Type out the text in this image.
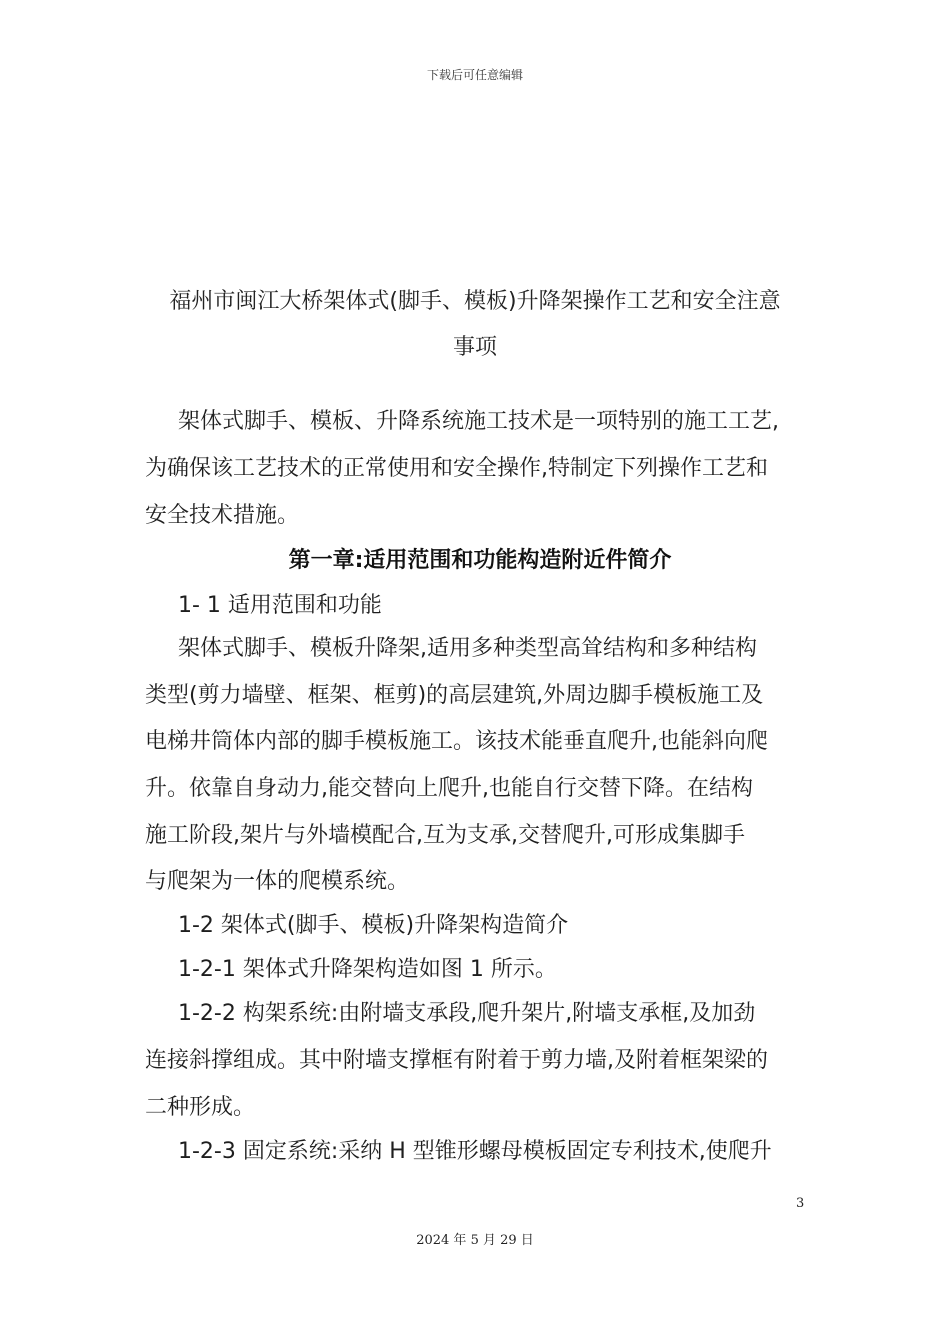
下载后可任意编辑
福州市闽江大桥架体式(脚手、模板)升降架操作工艺和安全注意
事项
架体式脚手、模板、升降系统施工技术是一项特别的施工工艺,
为确保该工艺技术的正常使用和安全操作,特制定下列操作工艺和
安全技术措施。
第一章:适用范围和功能构造附近件简介
1- 1 适用范围和功能
架体式脚手、模板升降架,适用多种类型高耸结构和多种结构
类型(剪力墙壁、框架、框剪)的高层建筑,外周边脚手模板施工及
电梯井筒体内部的脚手模板施工。该技术能垂直爬升,也能斜向爬
升。依靠自身动力,能交替向上爬升,也能自行交替下降。在结构
施工阶段,架片与外墙模配合,互为支承,交替爬升,可形成集脚手
与爬架为一体的爬模系统。
1-2 架体式(脚手、模板)升降架构造简介
1-2-1 架体式升降架构造如图 1 所示。
1-2-2 构架系统:由附墙支承段,爬升架片,附墙支承框,及加劲
连接斜撑组成。其中附墙支撑框有附着于剪力墙,及附着框架梁的
二种形成。
1-2-3 固定系统:采纳 H 型锥形螺母模板固定专利技术,使爬升
3
2024 年 5 月 29 日
